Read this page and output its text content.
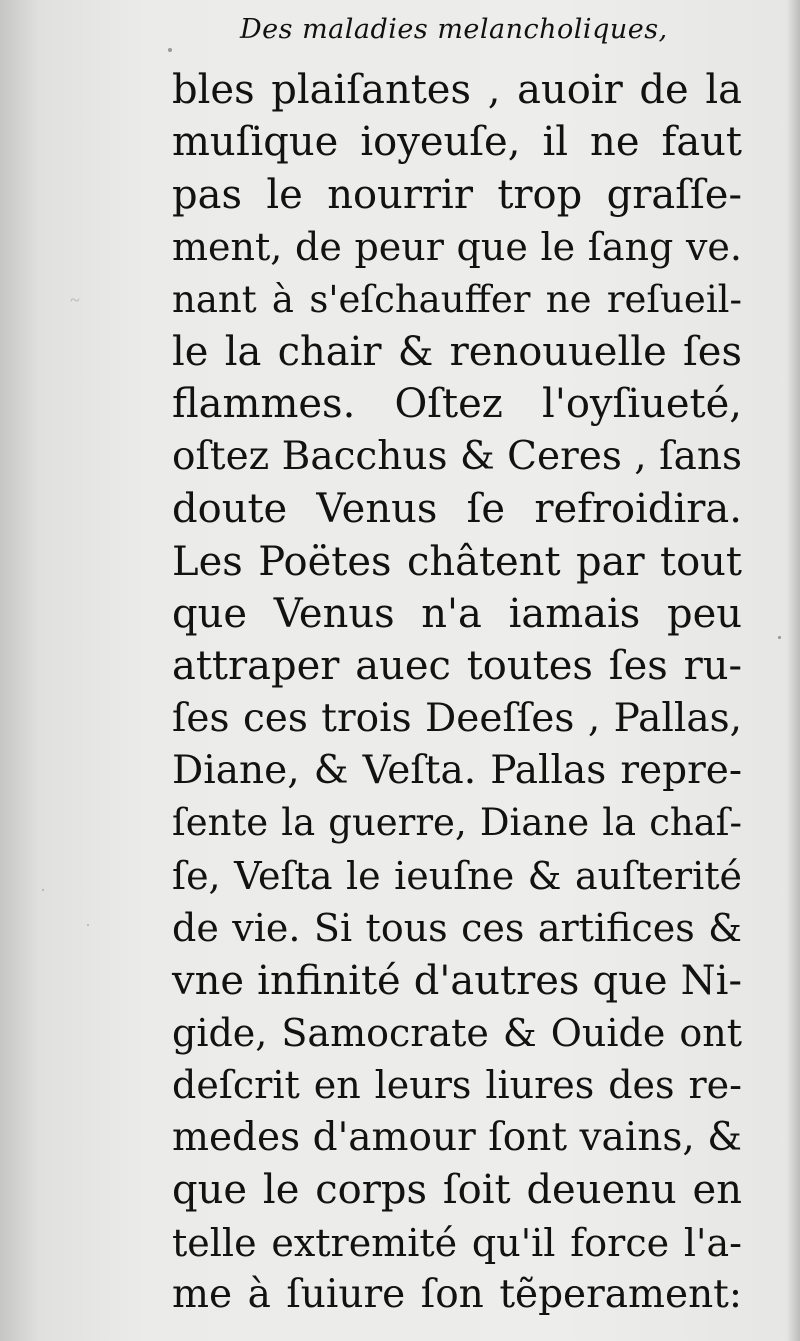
~
·
·
Des maladies melancholiques,
bles plaiſantes , auoir de la
muſique ioyeuſe, il ne faut
pas le nourrir trop graſſe-
ment, de peur que le ſang ve.
nant à s'eſchauffer ne reſueil-
le la chair & renouuelle ſes
flammes. Oſtez l'oyſiueté,
oſtez Bacchus & Ceres , ſans
doute Venus ſe refroidira.
Les Poëtes châtent par tout
que Venus n'a iamais peu
attraper auec toutes ſes ru-
ſes ces trois Deeſſes , Pallas,
Diane, & Veſta. Pallas repre-
ſente la guerre, Diane la chaſ-
ſe, Veſta le ieuſne & auſterité
de vie. Si tous ces artifices &
vne infinité d'autres que Ni-
gide, Samocrate & Ouide ont
deſcrit en leurs liures des re-
medes d'amour ſont vains, &
que le corps ſoit deuenu en
telle extremité qu'il force l'a-
me à ſuiure ſon tẽperament:
